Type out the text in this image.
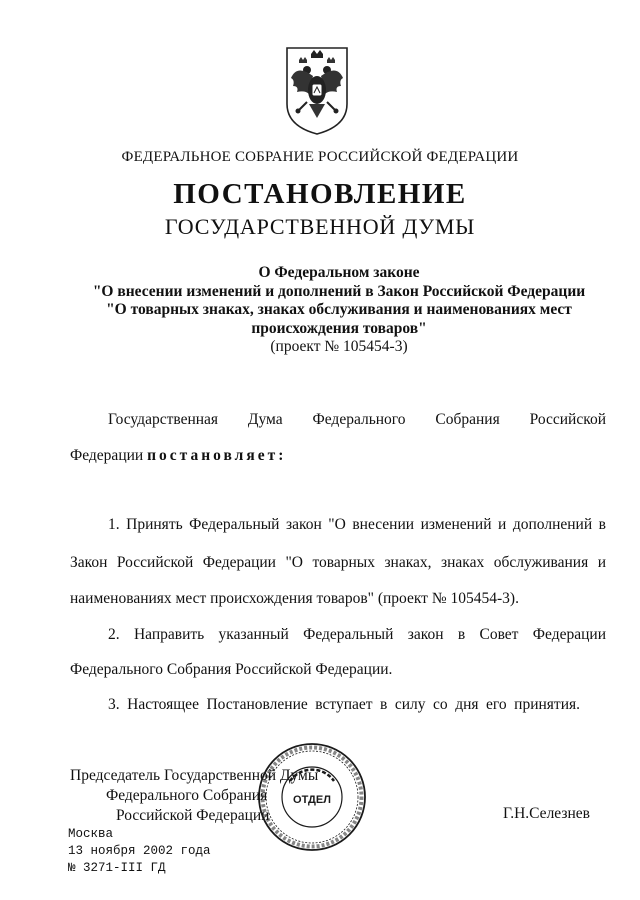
ФЕДЕРАЛЬНОЕ СОБРАНИЕ РОССИЙСКОЙ ФЕДЕРАЦИИ
ПОСТАНОВЛЕНИЕ
ГОСУДАРСТВЕННОЙ ДУМЫ
О Федеральном законе
"О внесении изменений и дополнений в Закон Российской Федерации
"О товарных знаках, знаках обслуживания и наименованиях мест
происхождения товаров"
(проект № 105454-3)
Государственная Дума Федерального Собрания Российской
Федерации постановляет:
1. Принять Федеральный закон "О внесении изменений и дополнений в
Закон Российской Федерации "О товарных знаках, знаках обслуживания и
наименованиях мест происхождения товаров" (проект № 105454-3).
2. Направить указанный Федеральный закон в Совет Федерации
Федерального Собрания Российской Федерации.
3. Настоящее Постановление вступает в силу со дня его принятия.
Председатель Государственной Думы
Федерального Собрания
Российской Федерации	Г.Н.Селезнев
ОТДЕЛ
Москва
13 ноября 2002 года
№ 3271-III ГД
